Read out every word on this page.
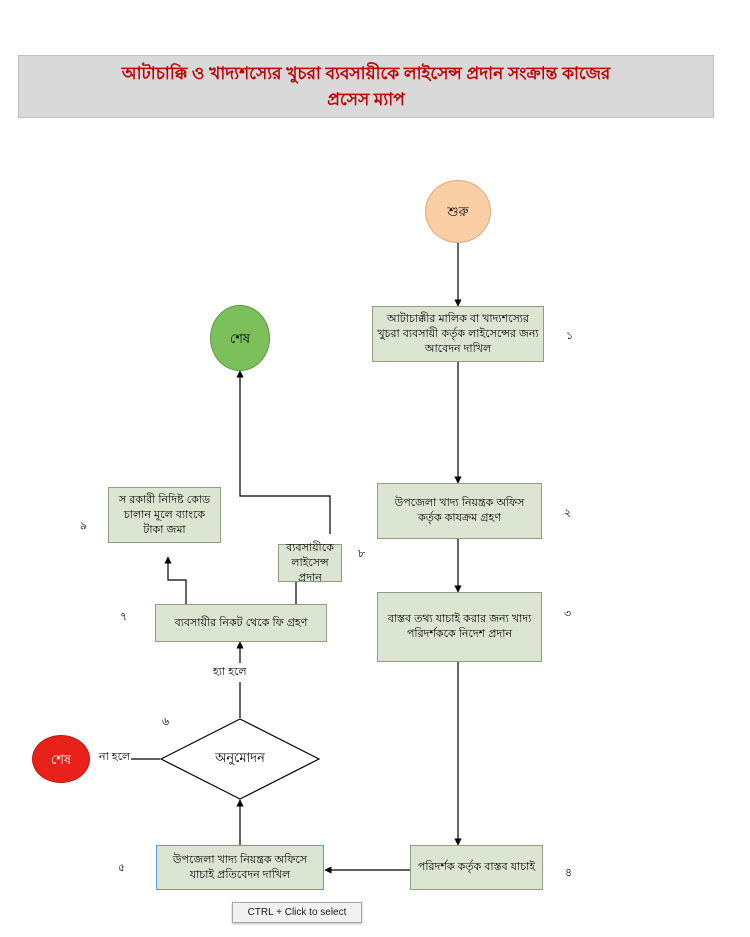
আটাচাক্কি ও খাদ্যশস্যের খুচরা ব্যবসায়ীকে লাইসেন্স প্রদান সংক্রান্ত কাজের
প্রসেস ম্যাপ
শুরু
আটাচাক্কীর মালিক বা খাদ্যশস্যের খুচরা ব্যবসায়ী কর্তৃক লাইসেন্সের জন্য আবেদন দাখিল
১
উপজেলা খাদ্য নিয়ন্ত্রক অফিস কর্তৃক কাযক্রম গ্রহণ	২
বাস্তব তথ্য যাচাই করার জন্য খাদ্য পরিদর্শককে নিদেশ প্রদান
৩
পরিদর্শক কর্তৃক বাস্তব যাচাই	৪
উপজেলা খাদ্য নিয়ন্ত্রক অফিসে যাচাই প্রতিবেদন দাখিল
৫
অনুমোদন
৬
ব্যবসায়ীর নিকট থেকে ফি গ্রহণ
৭
ব্যবসায়ীকে লাইসেন্স প্রদান
৮
স রকারী নিদিষ্ট কোড চালান মূলে ব্যাংকে টাকা জমা
৯
শেষ
শেষ
হ্যা হলে
না হলে
CTRL + Click to select
